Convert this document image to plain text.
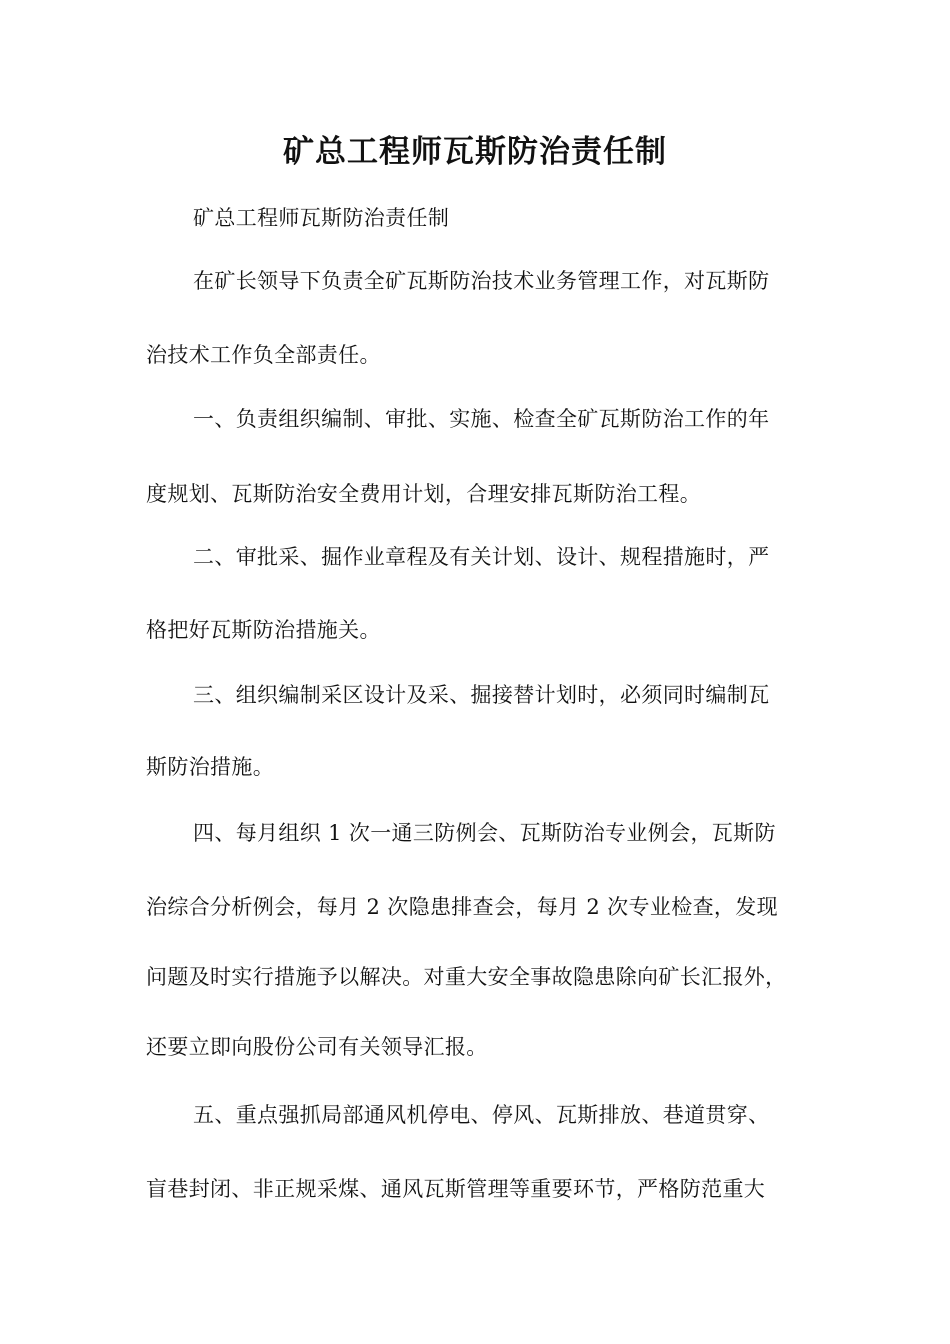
矿总工程师瓦斯防治责任制
矿总工程师瓦斯防治责任制
在矿长领导下负责全矿瓦斯防治技术业务管理工作，对瓦斯防
治技术工作负全部责任。
一、负责组织编制、审批、实施、检查全矿瓦斯防治工作的年
度规划、瓦斯防治安全费用计划，合理安排瓦斯防治工程。
二、审批采、掘作业章程及有关计划、设计、规程措施时，严
格把好瓦斯防治措施关。
三、组织编制采区设计及采、掘接替计划时，必须同时编制瓦
斯防治措施。
四、每月组织 1 次一通三防例会、瓦斯防治专业例会，瓦斯防
治综合分析例会，每月 2 次隐患排查会，每月 2 次专业检查，发现
问题及时实行措施予以解决。对重大安全事故隐患除向矿长汇报外，
还要立即向股份公司有关领导汇报。
五、重点强抓局部通风机停电、停风、瓦斯排放、巷道贯穿、
盲巷封闭、非正规采煤、通风瓦斯管理等重要环节，严格防范重大
